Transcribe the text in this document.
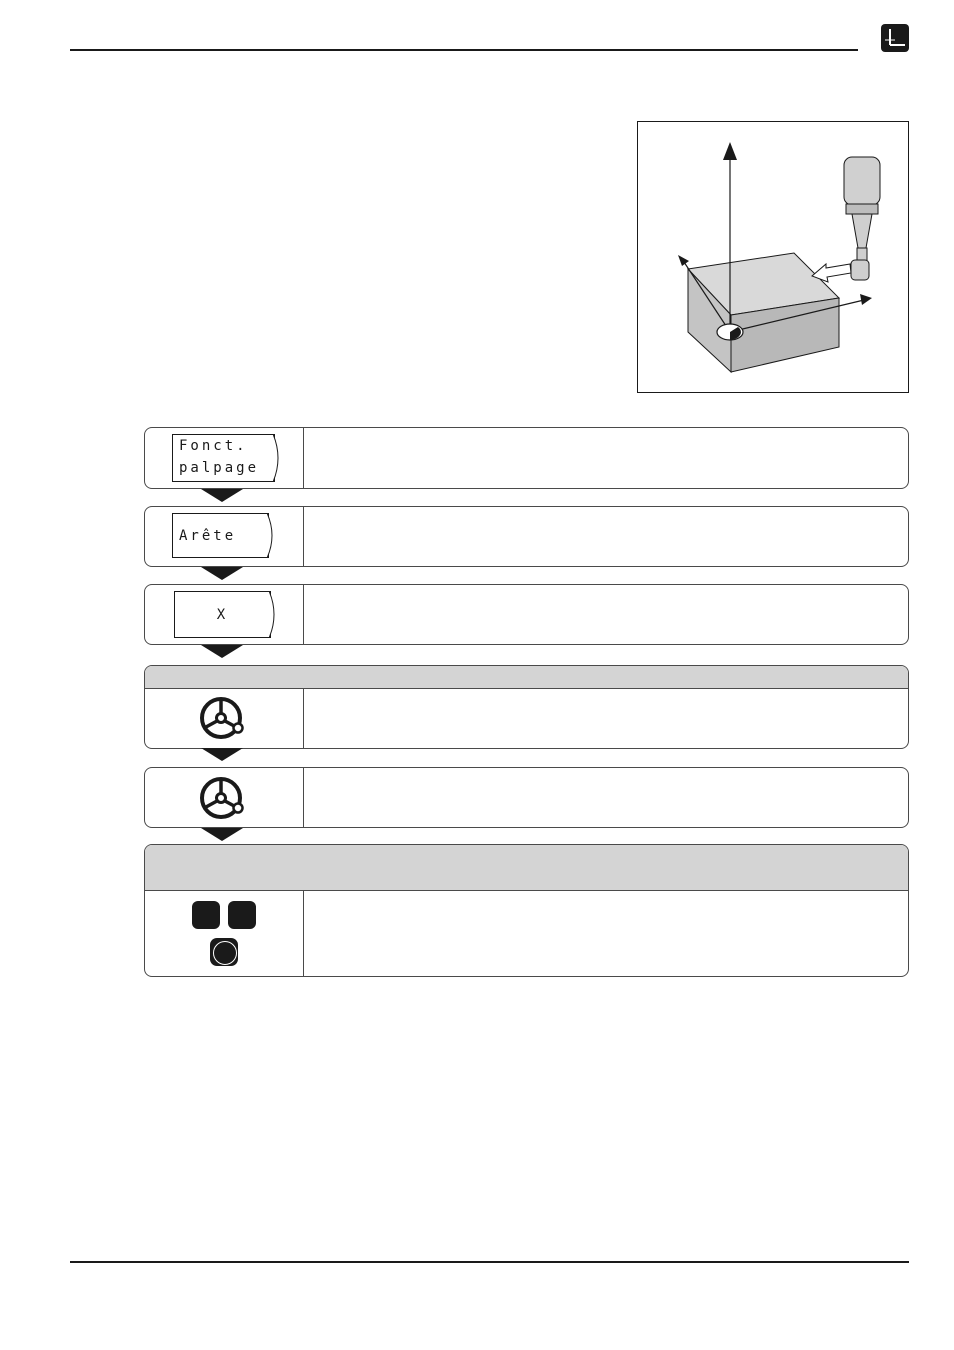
Fonct.
palpage
Arête
X
